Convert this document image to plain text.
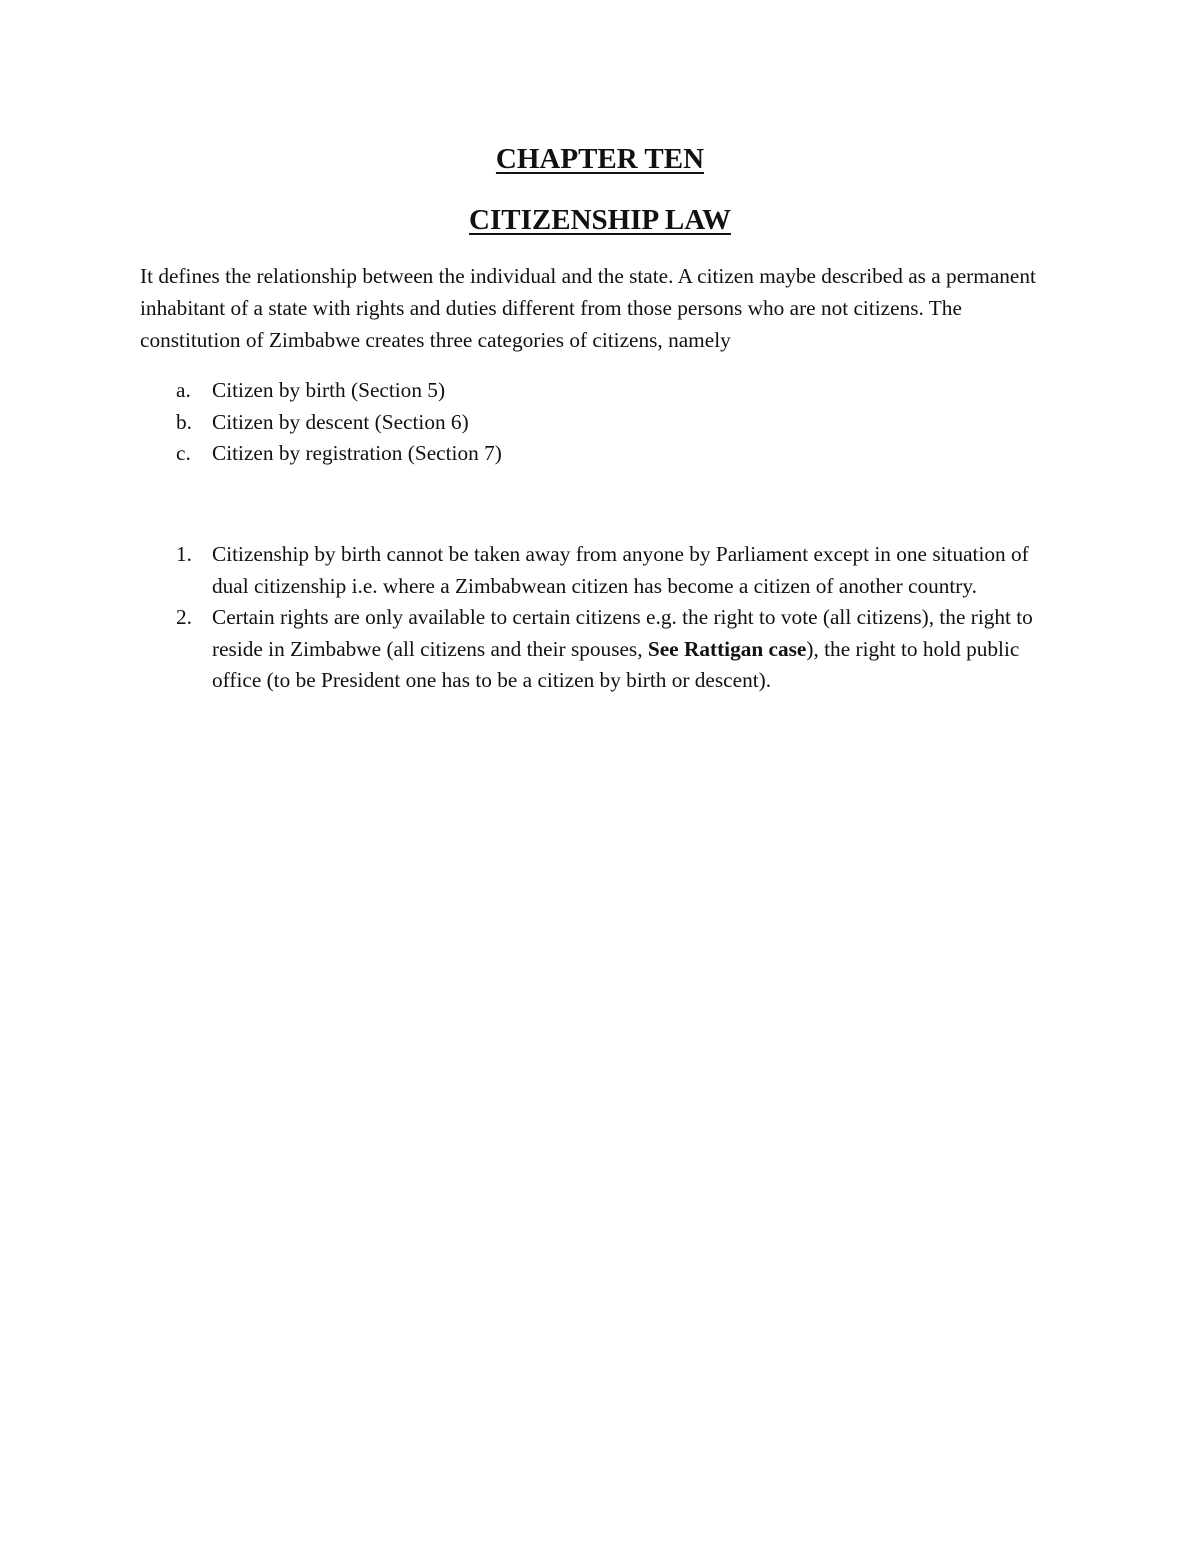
CHAPTER TEN
CITIZENSHIP LAW

It defines the relationship between the individual and the state. A citizen maybe described as a permanent inhabitant of a state with rights and duties different from those persons who are not citizens. The constitution of Zimbabwe creates three categories of citizens, namely

a. Citizen by birth (Section 5)
b. Citizen by descent (Section 6)
c. Citizen by registration (Section 7)
1. Citizenship by birth cannot be taken away from anyone by Parliament except in one situation of dual citizenship i.e. where a Zimbabwean citizen has become a citizen of another country.
2. Certain rights are only available to certain citizens e.g. the right to vote (all citizens), the right to reside in Zimbabwe (all citizens and their spouses, See Rattigan case), the right to hold public office (to be President one has to be a citizen by birth or descent).
